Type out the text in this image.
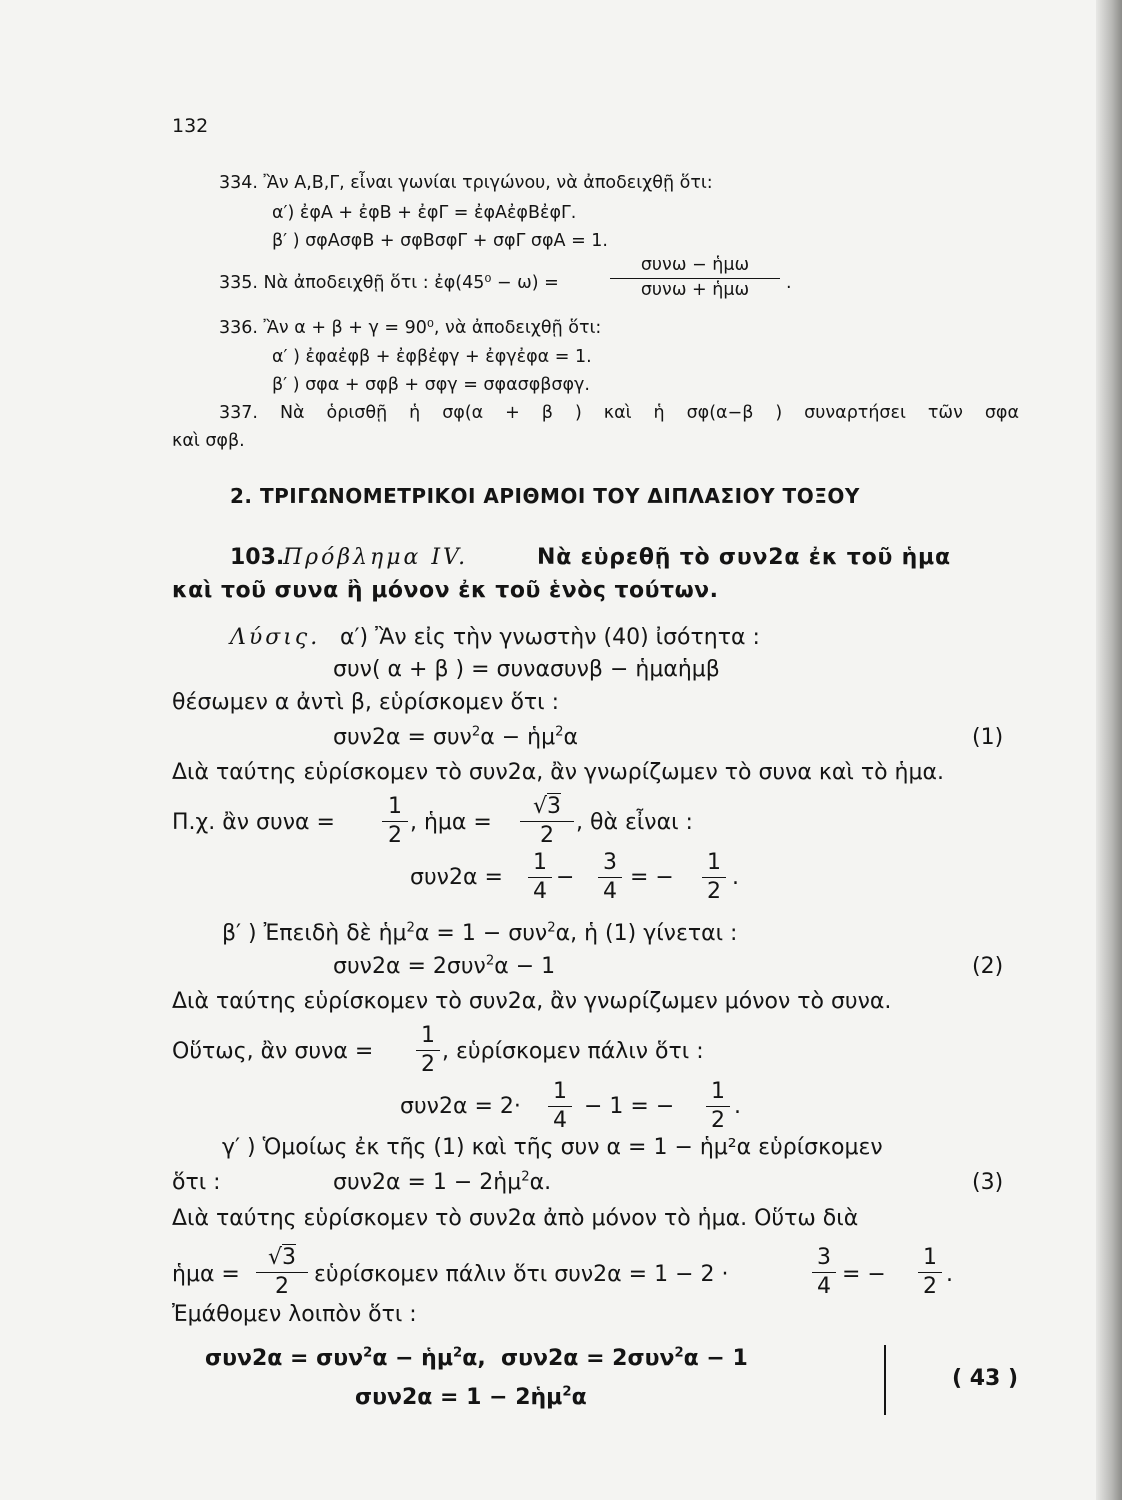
132
334. Ἂν Α,Β,Γ, εἶναι γωνίαι τριγώνου, νὰ ἀποδειχθῇ ὅτι:
α′) ἐφΑ + ἐφΒ + ἐφΓ = ἐφΑἐφΒἐφΓ.
β′ ) σφΑσφΒ + σφΒσφΓ + σφΓ σφΑ = 1.
335. Νὰ ἀποδειχθῇ ὅτι : ἐφ(45⁰ − ω) =
συνω − ἡμω
συνω + ἡμω	.
336. Ἂν α + β + γ = 90⁰, νὰ ἀποδειχθῇ ὅτι:
α′ ) ἐφαἐφβ + ἐφβἐφγ + ἐφγἐφα = 1.
β′ ) σφα + σφβ + σφγ = σφασφβσφγ.
337. Νὰ ὁρισθῇ ἡ σφ(α + β ) καὶ ἡ σφ(α−β ) συναρτήσει τῶν σφα
καὶ σφβ.
2. ΤΡΙΓΩΝΟΜΕΤΡΙΚΟΙ ΑΡΙΘΜΟΙ ΤΟΥ ΔΙΠΛΑΣΙΟΥ ΤΟΞΟΥ
103.
Πρόβλημα IV.	Νὰ εὑρεθῇ τὸ συν2α ἐκ τοῦ ἡμα
καὶ τοῦ συνα ἢ μόνον ἐκ τοῦ ἑνὸς τούτων.
Λύσις. α′) Ἂν εἰς τὴν γνωστὴν (40) ἰσότητα :
συν( α + β ) = συνασυνβ − ἡμαἡμβ
θέσωμεν α ἀντὶ β, εὑρίσκομεν ὅτι :
συν2α = συν$^2$α − ἡμ$^2$α	(1)
Διὰ ταύτης εὑρίσκομεν τὸ συν2α, ἂν γνωρίζωμεν τὸ συνα καὶ τὸ ἡμα.
Π.χ. ἂν συνα =
1
2
, ἡμα =
√3
2
, θὰ εἶναι :
συν2α =
1
4
−
3
4
= −
1
2
.
β′ ) Ἐπειδὴ δὲ ἡμ$^2$α = 1 − συν$^2$α, ἡ (1) γίνεται :
συν2α = 2συν$^2$α − 1	(2)
Διὰ ταύτης εὑρίσκομεν τὸ συν2α, ἂν γνωρίζωμεν μόνον τὸ συνα.
Οὕτως, ἂν συνα =
1
2
, εὑρίσκομεν πάλιν ὅτι :
συν2α = 2·
1
4
− 1 = −
1
2
.
γ′ ) Ὁμοίως ἐκ τῆς (1) καὶ τῆς συν α = 1 − ἡμ²α εὑρίσκομεν
ὅτι :	συν2α = 1 − 2ἡμ$^2$α.	(3)
Διὰ ταύτης εὑρίσκομεν τὸ συν2α ἀπὸ μόνον τὸ ἡμα. Οὕτω διὰ
ἡμα =
√3
2	εὑρίσκομεν πάλιν ὅτι συν2α = 1 − 2 ·
3
4 = −
1
2 .
Ἐμάθομεν λοιπὸν ὅτι :
συν2α = συν$^2$α − ἡμ$^2$α,  συν2α = 2συν$^2$α − 1
συν2α = 1 − 2ἡμ$^2$α
( 43 )
